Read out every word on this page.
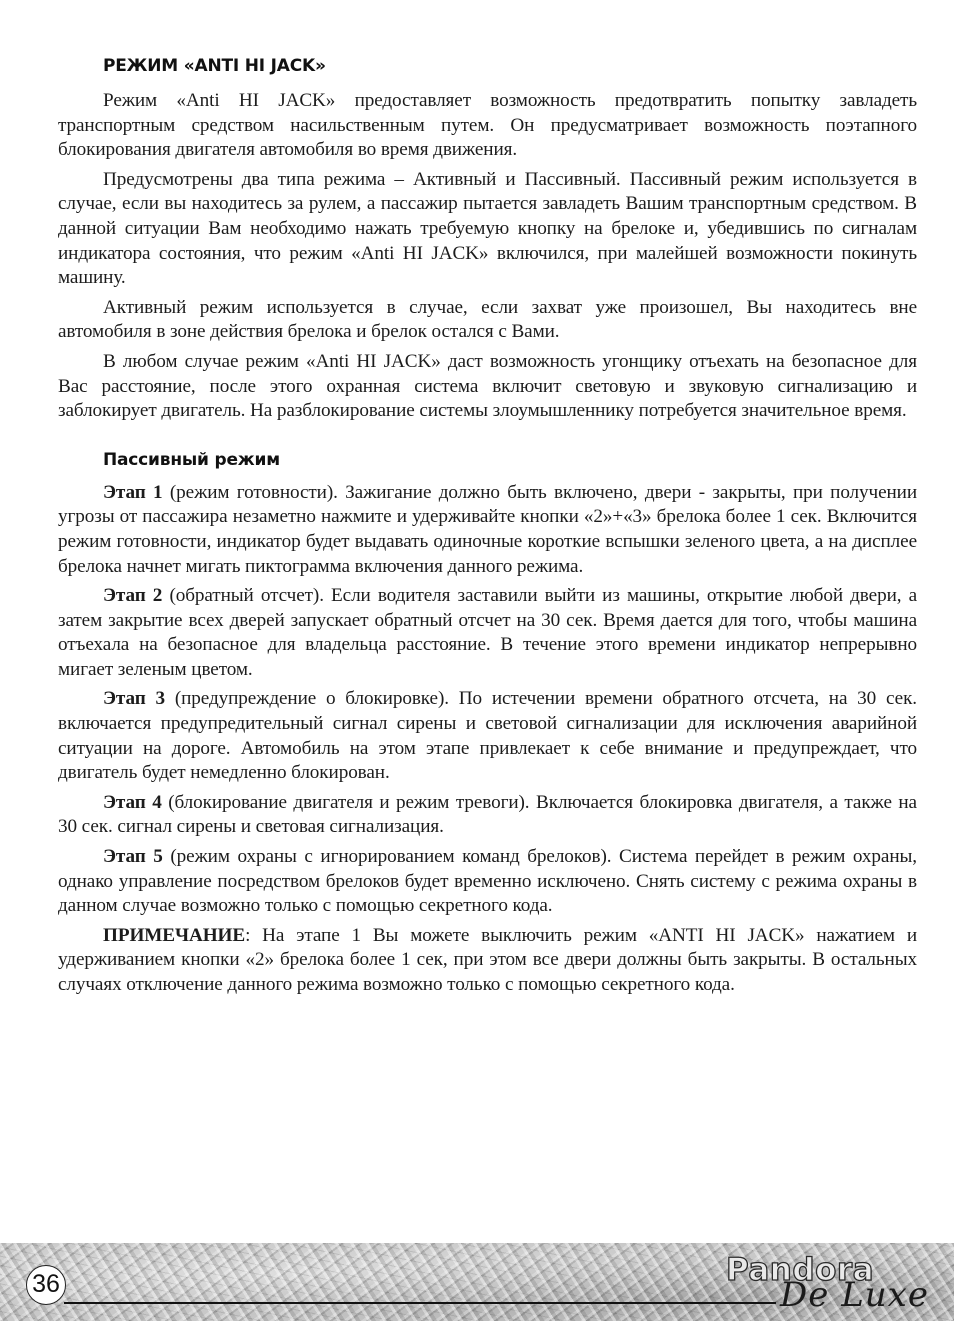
РЕЖИМ «ANTI HI JACK»

Режим «Anti HI JACK» предоставляет возможность предотвратить попытку завладеть транспортным средством насильственным путем. Он предусматривает возможность поэтапного блокирования двигателя автомобиля во время движения.

Предусмотрены два типа режима – Активный и Пассивный. Пассивный режим используется в случае, если вы находитесь за рулем, а пассажир пытается завладеть Вашим транспортным средством. В данной ситуации Вам необходимо нажать требуемую кнопку на брелоке и, убедившись по сигналам индикатора состояния, что режим «Anti HI JACK» включился, при малейшей возможности покинуть машину.

Активный режим используется в случае, если захват уже произошел, Вы находитесь вне автомобиля в зоне действия брелока и брелок остался с Вами.

В любом случае режим «Anti HI JACK» даст возможность угонщику отъехать на безопасное для Вас расстояние, после этого охранная система включит световую и звуковую сигнализацию и заблокирует двигатель. На разблокирование системы злоумышленнику потребуется значительное время.

Пассивный режим

Этап 1 (режим готовности). Зажигание должно быть включено, двери - закрыты, при получении угрозы от пассажира незаметно нажмите и удерживайте кнопки «2»+«3» брелока более 1 сек. Включится режим готовности, индикатор будет выдавать одиночные короткие вспышки зеленого цвета, а на дисплее брелока начнет мигать пиктограмма включения данного режима.

Этап 2 (обратный отсчет). Если водителя заставили выйти из машины, открытие любой двери, а затем закрытие всех дверей запускает обратный отсчет на 30 сек. Время дается для того, чтобы машина отъехала на безопасное для владельца расстояние. В течение этого времени индикатор непрерывно мигает зеленым цветом.

Этап 3 (предупреждение о блокировке). По истечении времени обратного отсчета, на 30 сек. включается предупредительный сигнал сирены и световой сигнализации для исключения аварийной ситуации на дороге. Автомобиль на этом этапе привлекает к себе внимание и предупреждает, что двигатель будет немедленно блокирован.

Этап 4 (блокирование двигателя и режим тревоги). Включается блокировка двигателя, а также на 30 сек. сигнал сирены и световая сигнализация.

Этап 5 (режим охраны с игнорированием команд брелоков). Система перейдет в режим охраны, однако управление посредством брелоков будет временно исключено. Снять систему с режима охраны в данном случае возможно только с помощью секретного кода.

ПРИМЕЧАНИЕ: На этапе 1 Вы можете выключить режим «ANTI HI JACK» нажатием и удерживанием кнопки «2» брелока более 1 сек, при этом все двери должны быть закрыты. В остальных случаях отключение данного режима возможно только с помощью секретного кода.

36	Pandora
De Luxe
